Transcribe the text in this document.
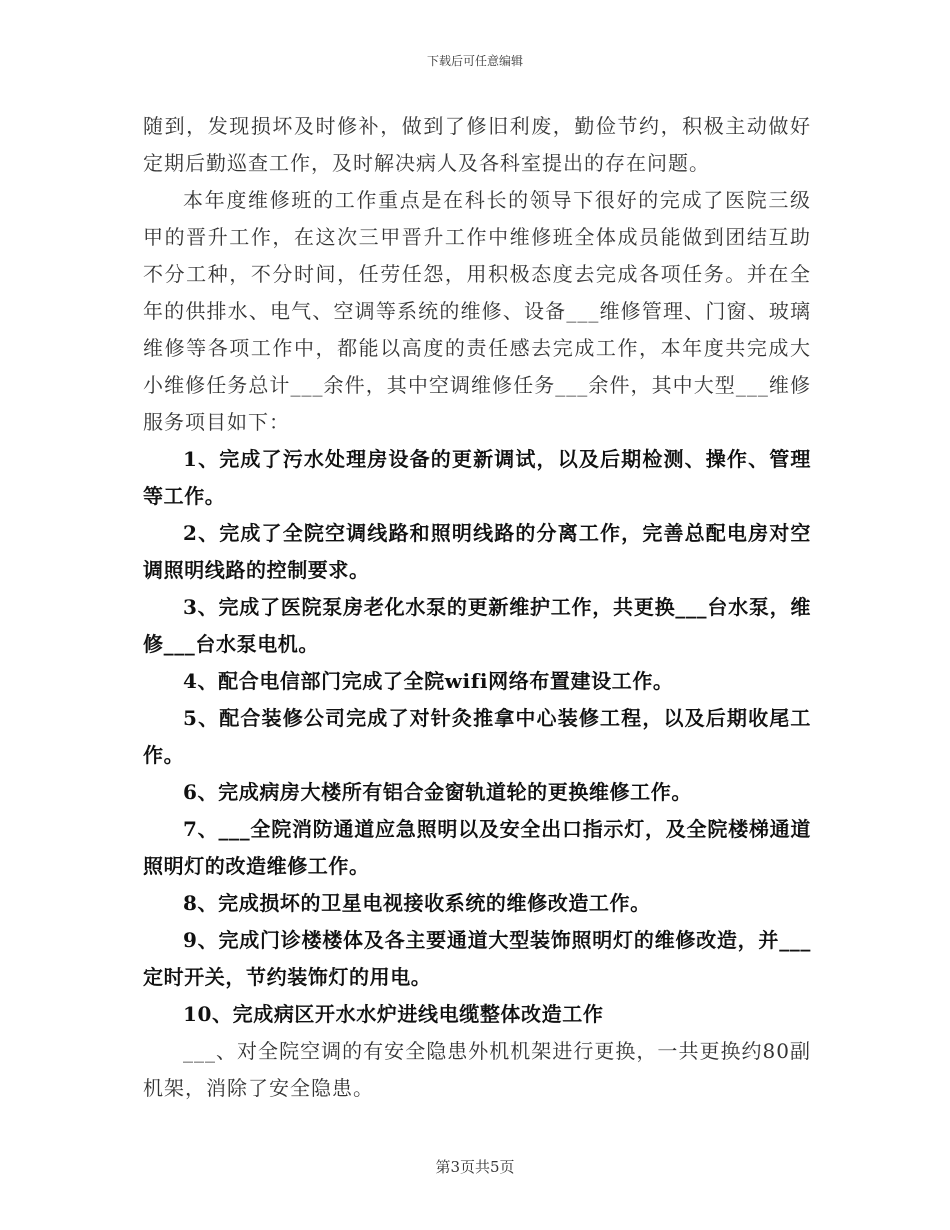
下载后可任意编辑

随到，发现损坏及时修补，做到了修旧利废，勤俭节约，积极主动做好定期后勤巡查工作，及时解决病人及各科室提出的存在问题。

本年度维修班的工作重点是在科长的领导下很好的完成了医院三级甲的晋升工作，在这次三甲晋升工作中维修班全体成员能做到团结互助不分工种，不分时间，任劳任怨，用积极态度去完成各项任务。并在全年的供排水、电气、空调等系统的维修、设备___维修管理、门窗、玻璃维修等各项工作中，都能以高度的责任感去完成工作，本年度共完成大小维修任务总计___余件，其中空调维修任务___余件，其中大型___维修服务项目如下：

1、完成了污水处理房设备的更新调试，以及后期检测、操作、管理等工作。

2、完成了全院空调线路和照明线路的分离工作，完善总配电房对空调照明线路的控制要求。

3、完成了医院泵房老化水泵的更新维护工作，共更换___台水泵，维修___台水泵电机。

4、配合电信部门完成了全院wifi网络布置建设工作。

5、配合装修公司完成了对针灸推拿中心装修工程，以及后期收尾工作。

6、完成病房大楼所有铝合金窗轨道轮的更换维修工作。

7、___全院消防通道应急照明以及安全出口指示灯，及全院楼梯通道照明灯的改造维修工作。

8、完成损坏的卫星电视接收系统的维修改造工作。

9、完成门诊楼楼体及各主要通道大型装饰照明灯的维修改造，并___定时开关，节约装饰灯的用电。

10、完成病区开水水炉进线电缆整体改造工作

___、对全院空调的有安全隐患外机机架进行更换，一共更换约80副机架，消除了安全隐患。

第3页共5页
